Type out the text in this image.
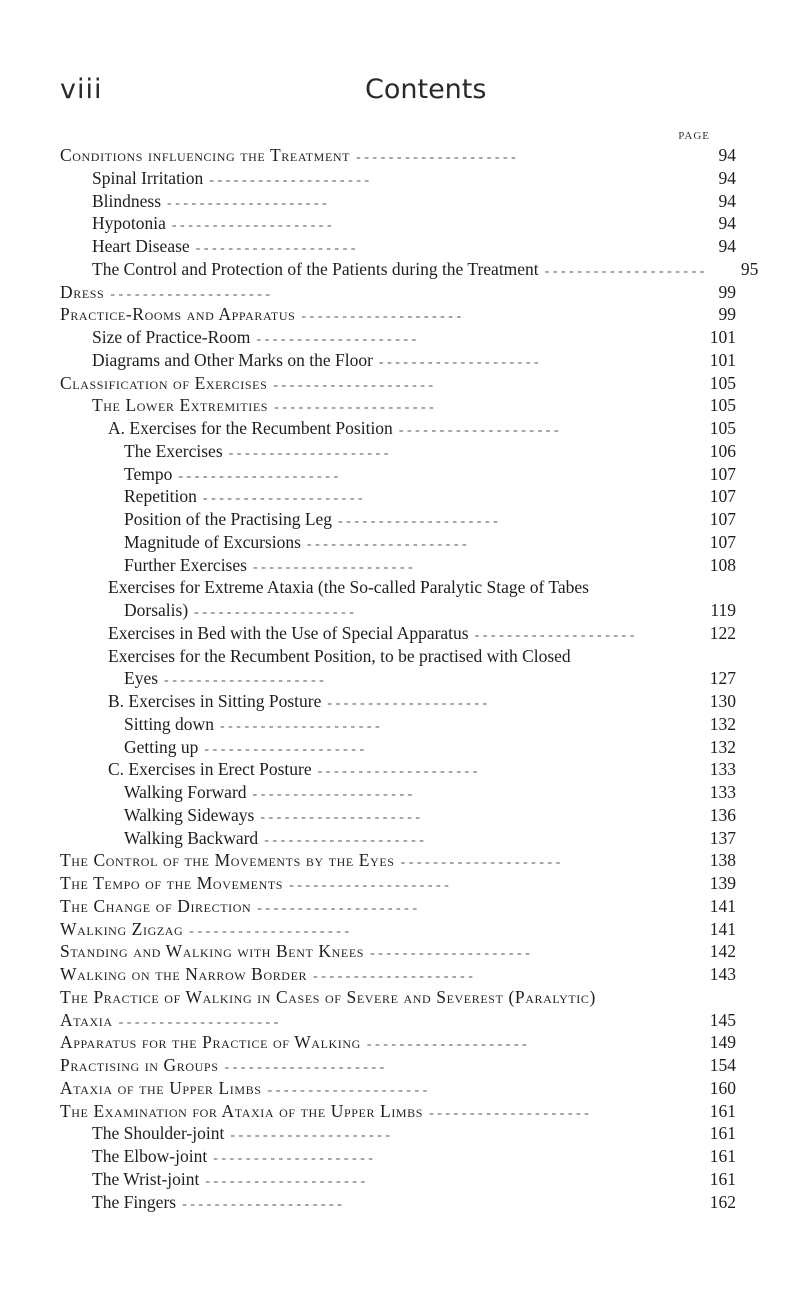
viii	Contents
PAGE
Conditions influencing the Treatment - - - - - - - - - - - - - - - - - - - -	94
Spinal Irritation - - - - - - - - - - - - - - - - - - - -	94
Blindness - - - - - - - - - - - - - - - - - - - -	94
Hypotonia - - - - - - - - - - - - - - - - - - - -	94
Heart Disease - - - - - - - - - - - - - - - - - - - -	94
The Control and Protection of the Patients during the Treatment - - - - - - - - - - - - - - - - - - - -	95
Dress - - - - - - - - - - - - - - - - - - - -	99
Practice-Rooms and Apparatus - - - - - - - - - - - - - - - - - - - -	99
Size of Practice-Room - - - - - - - - - - - - - - - - - - - -	101
Diagrams and Other Marks on the Floor - - - - - - - - - - - - - - - - - - - -	101
Classification of Exercises - - - - - - - - - - - - - - - - - - - -	105
The Lower Extremities - - - - - - - - - - - - - - - - - - - -	105
A. Exercises for the Recumbent Position - - - - - - - - - - - - - - - - - - - -	105
The Exercises - - - - - - - - - - - - - - - - - - - -	106
Tempo - - - - - - - - - - - - - - - - - - - -	107
Repetition - - - - - - - - - - - - - - - - - - - -	107
Position of the Practising Leg - - - - - - - - - - - - - - - - - - - -	107
Magnitude of Excursions - - - - - - - - - - - - - - - - - - - -	107
Further Exercises - - - - - - - - - - - - - - - - - - - -	108
Exercises for Extreme Ataxia (the So-called Paralytic Stage of Tabes
Dorsalis) - - - - - - - - - - - - - - - - - - - -	119
Exercises in Bed with the Use of Special Apparatus - - - - - - - - - - - - - - - - - - - -	122
Exercises for the Recumbent Position, to be practised with Closed
Eyes - - - - - - - - - - - - - - - - - - - -	127
B. Exercises in Sitting Posture - - - - - - - - - - - - - - - - - - - -	130
Sitting down - - - - - - - - - - - - - - - - - - - -	132
Getting up - - - - - - - - - - - - - - - - - - - -	132
C. Exercises in Erect Posture - - - - - - - - - - - - - - - - - - - -	133
Walking Forward - - - - - - - - - - - - - - - - - - - -	133
Walking Sideways - - - - - - - - - - - - - - - - - - - -	136
Walking Backward - - - - - - - - - - - - - - - - - - - -	137
The Control of the Movements by the Eyes - - - - - - - - - - - - - - - - - - - -	138
The Tempo of the Movements - - - - - - - - - - - - - - - - - - - -	139
The Change of Direction - - - - - - - - - - - - - - - - - - - -	141
Walking Zigzag - - - - - - - - - - - - - - - - - - - -	141
Standing and Walking with Bent Knees - - - - - - - - - - - - - - - - - - - -	142
Walking on the Narrow Border - - - - - - - - - - - - - - - - - - - -	143
The Practice of Walking in Cases of Severe and Severest (Paralytic)
Ataxia - - - - - - - - - - - - - - - - - - - -	145
Apparatus for the Practice of Walking - - - - - - - - - - - - - - - - - - - -	149
Practising in Groups - - - - - - - - - - - - - - - - - - - -	154
Ataxia of the Upper Limbs - - - - - - - - - - - - - - - - - - - -	160
The Examination for Ataxia of the Upper Limbs - - - - - - - - - - - - - - - - - - - -	161
The Shoulder-joint - - - - - - - - - - - - - - - - - - - -	161
The Elbow-joint - - - - - - - - - - - - - - - - - - - -	161
The Wrist-joint - - - - - - - - - - - - - - - - - - - -	161
The Fingers - - - - - - - - - - - - - - - - - - - -	162
